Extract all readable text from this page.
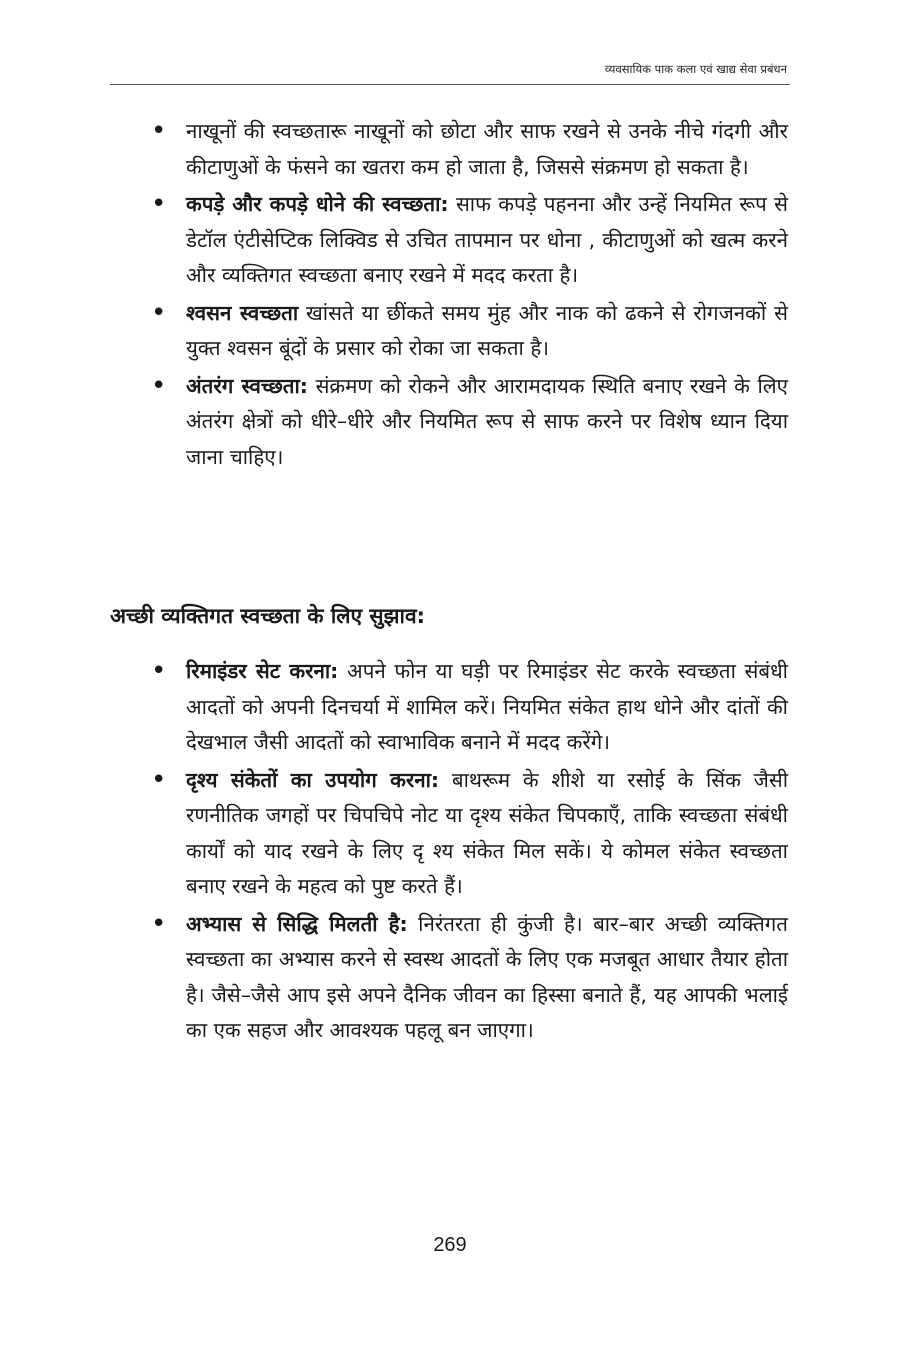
व्यवसायिक पाक कला एवं खाद्य सेवा प्रबंधन
• नाखूनों की स्वच्छतारू नाखूनों को छोटा और साफ रखने से उनके नीचे गंदगी और कीटाणुओं के फंसने का खतरा कम हो जाता है, जिससे संक्रमण हो सकता है।
• कपड़े और कपड़े धोने की स्वच्छता: साफ कपड़े पहनना और उन्हें नियमित रूप से डेटॉल एंटीसेप्टिक लिक्विड से उचित तापमान पर धोना , कीटाणुओं को खत्म करने और व्यक्तिगत स्वच्छता बनाए रखने में मदद करता है।
• श्वसन स्वच्छता खांसते या छींकते समय मुंह और नाक को ढकने से रोगजनकों से युक्त श्वसन बूंदों के प्रसार को रोका जा सकता है।
• अंतरंग स्वच्छता: संक्रमण को रोकने और आरामदायक स्थिति बनाए रखने के लिए अंतरंग क्षेत्रों को धीरे–धीरे और नियमित रूप से साफ करने पर विशेष ध्यान दिया जाना चाहिए।
अच्छी व्यक्तिगत स्वच्छता के लिए सुझाव:
• रिमाइंडर सेट करना: अपने फोन या घड़ी पर रिमाइंडर सेट करके स्वच्छता संबंधी आदतों को अपनी दिनचर्या में शामिल करें। नियमित संकेत हाथ धोने और दांतों की देखभाल जैसी आदतों को स्वाभाविक बनाने में मदद करेंगे।
• दृश्य संकेतों का उपयोग करना: बाथरूम के शीशे या रसोई के सिंक जैसी रणनीतिक जगहों पर चिपचिपे नोट या दृश्य संकेत चिपकाएँ, ताकि स्वच्छता संबंधी कार्यों को याद रखने के लिए दृ श्य संकेत मिल सकें। ये कोमल संकेत स्वच्छता बनाए रखने के महत्व को पुष्ट करते हैं।
• अभ्यास से सिद्धि मिलती है: निरंतरता ही कुंजी है। बार–बार अच्छी व्यक्तिगत स्वच्छता का अभ्यास करने से स्वस्थ आदतों के लिए एक मजबूत आधार तैयार होता है। जैसे–जैसे आप इसे अपने दैनिक जीवन का हिस्सा बनाते हैं, यह आपकी भलाई का एक सहज और आवश्यक पहलू बन जाएगा।
269
